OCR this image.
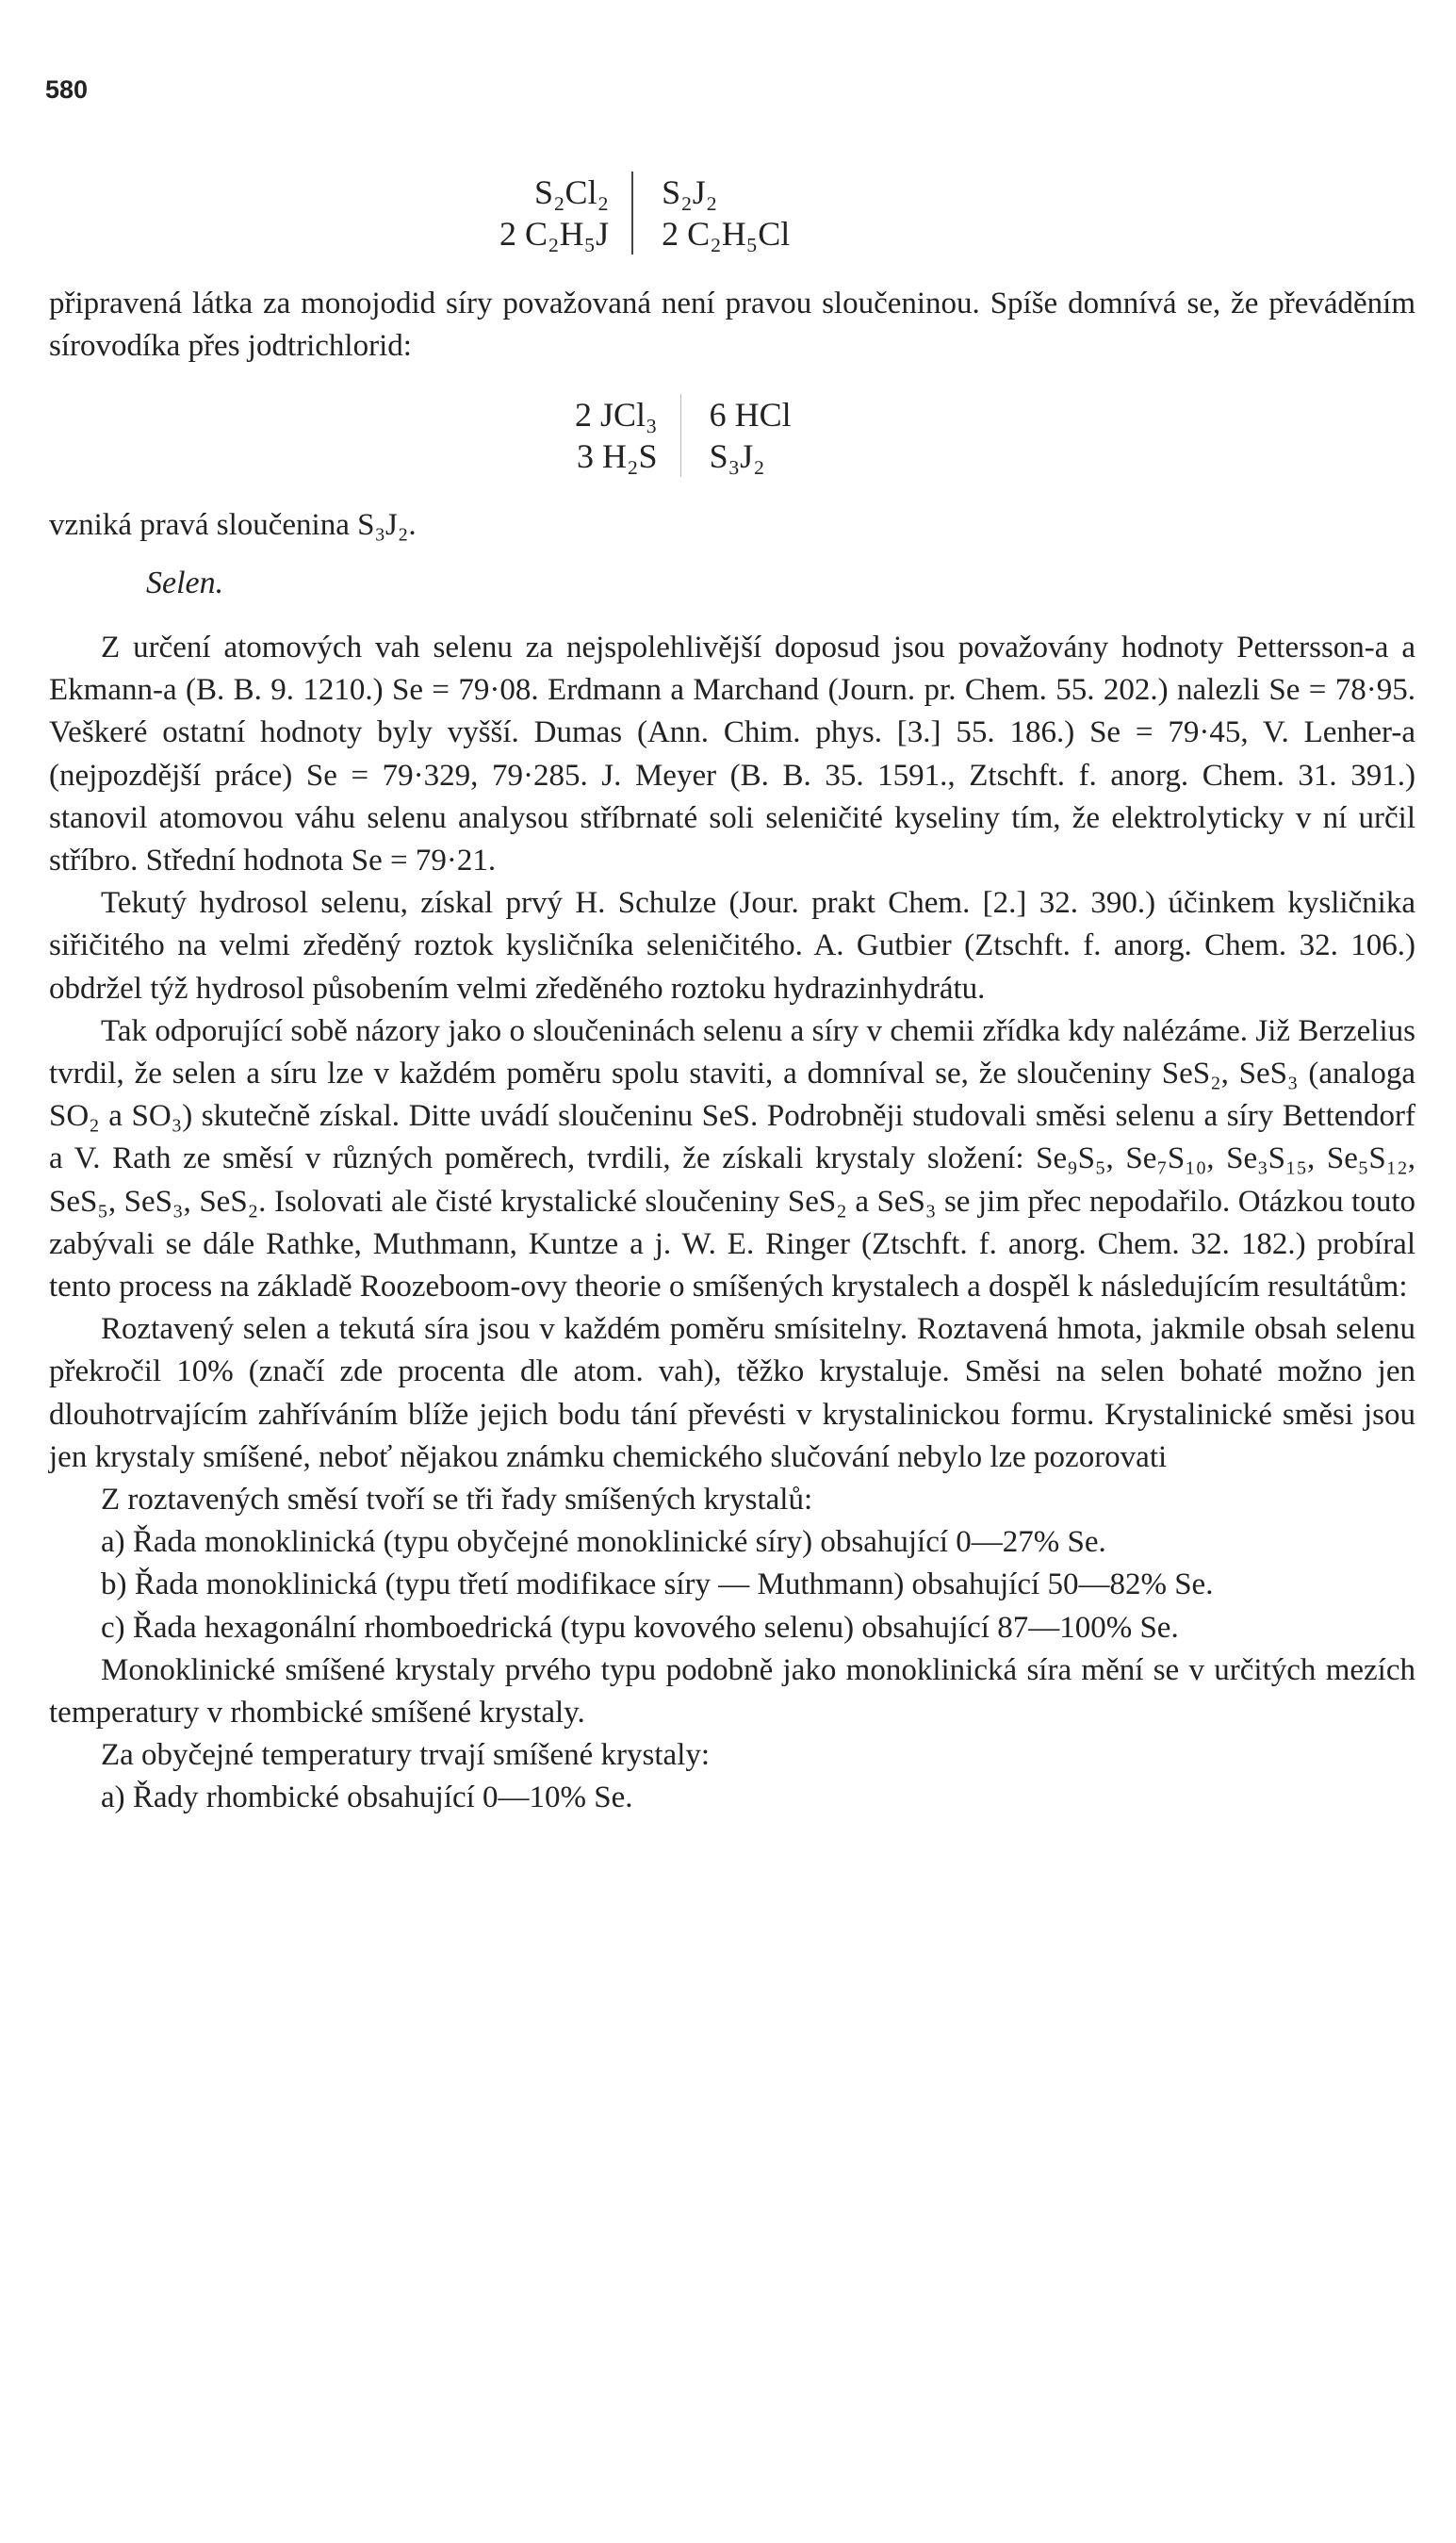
580
S₂Cl₂
2 C₂H₅J
S₂J₂
2 C₂H₅Cl

připravená látka za monojodid síry považovaná není pravou sloučeninou. Spíše domnívá se, že převáděním sírovodíka přes jodtrichlorid:

2 JCl₃
3 H₂S
6 HCl
S₃J₂

vzniká pravá sloučenina S₃J₂.

Selen.

Z určení atomových vah selenu za nejspolehlivější doposud jsou považovány hodnoty Pettersson-a a Ekmann-a (B. B. 9. 1210.) Se = 79·08. Erdmann a Marchand (Journ. pr. Chem. 55. 202.) nalezli Se = 78·95. Veškeré ostatní hodnoty byly vyšší. Dumas (Ann. Chim. phys. [3.] 55. 186.) Se = 79·45, V. Lenher-a (nejpozdější práce) Se = 79·329, 79·285. J. Meyer (B. B. 35. 1591., Ztschft. f. anorg. Chem. 31. 391.) stanovil atomovou váhu selenu analysou stříbrnaté soli seleničité kyseliny tím, že elektrolyticky v ní určil stříbro. Střední hodnota Se = 79·21.

Tekutý hydrosol selenu, získal prvý H. Schulze (Jour. prakt Chem. [2.] 32. 390.) účinkem kysličnika siřičitého na velmi zředěný roztok kysličníka seleničitého. A. Gutbier (Ztschft. f. anorg. Chem. 32. 106.) obdržel týž hydrosol působením velmi zředěného roztoku hydrazinhydrátu.

Tak odporující sobě názory jako o sloučeninách selenu a síry v chemii zřídka kdy nalézáme. Již Berzelius tvrdil, že selen a síru lze v každém poměru spolu staviti, a domníval se, že sloučeniny SeS₂, SeS₃ (analoga SO₂ a SO₃) skutečně získal. Ditte uvádí sloučeninu SeS. Podrobněji studovali směsi selenu a síry Bettendorf a V. Rath ze směsí v různých poměrech, tvrdili, že získali krystaly složení: Se₉S₅, Se₇S₁₀, Se₃S₁₅, Se₅S₁₂, SeS₅, SeS₃, SeS₂. Isolovati ale čisté krystalické sloučeniny SeS₂ a SeS₃ se jim přec nepodařilo. Otázkou touto zabývali se dále Rathke, Muthmann, Kuntze a j. W. E. Ringer (Ztschft. f. anorg. Chem. 32. 182.) probíral tento process na základě Roozeboom-ovy theorie o smíšených krystalech a dospěl k následujícím resultátům:

Roztavený selen a tekutá síra jsou v každém poměru smísitelny. Roztavená hmota, jakmile obsah selenu překročil 10% (značí zde procenta dle atom. vah), těžko krystaluje. Směsi na selen bohaté možno jen dlouhotrvajícím zahříváním blíže jejich bodu tání převésti v krystalinickou formu. Krystalinické směsi jsou jen krystaly smíšené, neboť nějakou známku chemického slučování nebylo lze pozorovati

Z roztavených směsí tvoří se tři řady smíšených krystalů:

a) Řada monoklinická (typu obyčejné monoklinické síry) obsahující 0—27% Se.

b) Řada monoklinická (typu třetí modifikace síry — Muthmann) obsahující 50—82% Se.

c) Řada hexagonální rhomboedrická (typu kovového selenu) obsahující 87—100% Se.

Monoklinické smíšené krystaly prvého typu podobně jako monoklinická síra mění se v určitých mezích temperatury v rhombické smíšené krystaly.

Za obyčejné temperatury trvají smíšené krystaly:

a) Řady rhombické obsahující 0—10% Se.
